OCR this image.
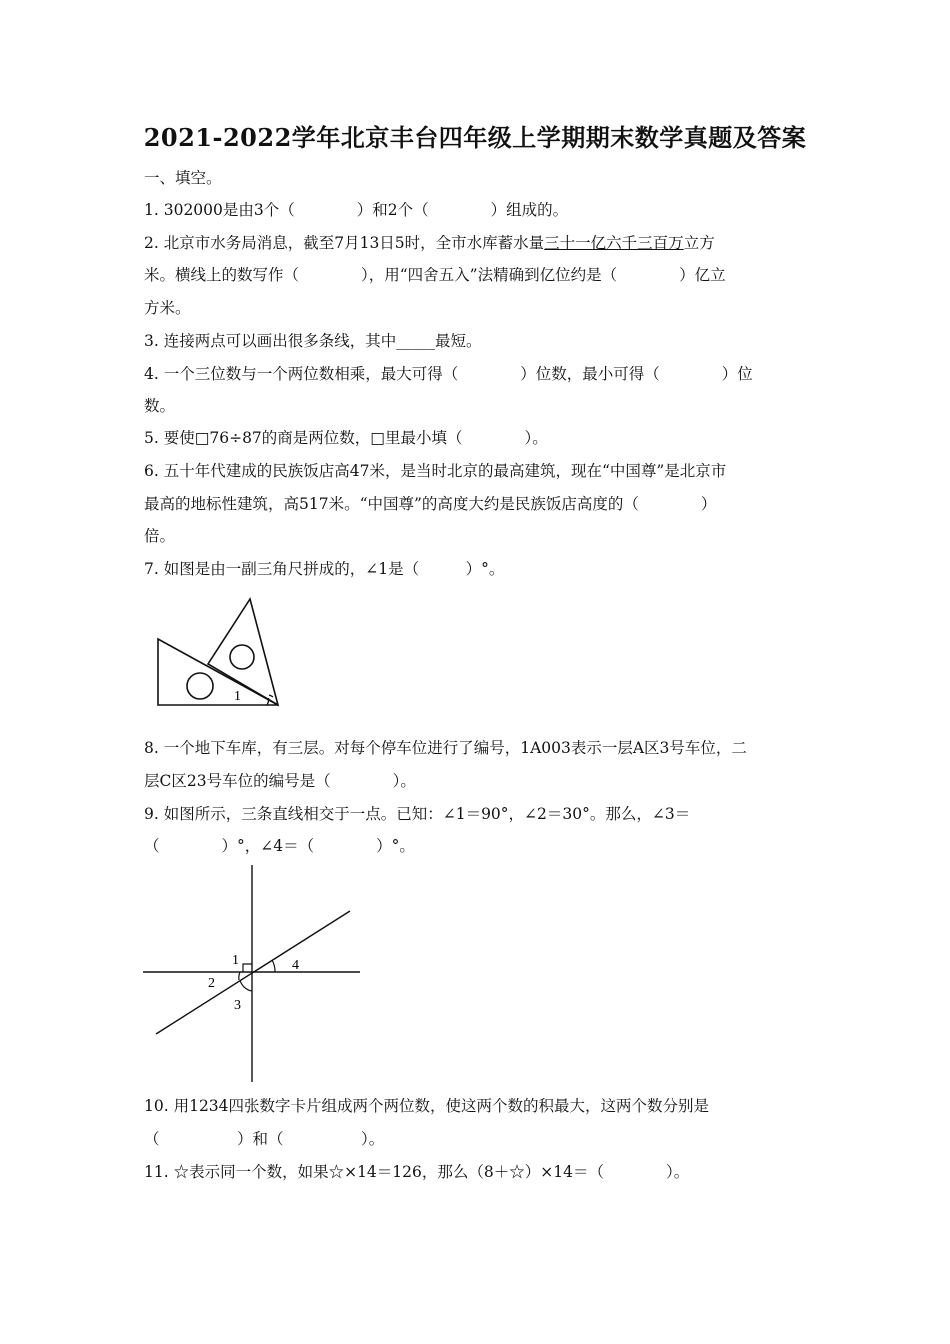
2021-2022学年北京丰台四年级上学期期末数学真题及答案
一、填空。
1. 302000是由3个（　　　　）和2个（　　　　）组成的。
2. 北京市水务局消息，截至7月13日5时，全市水库蓄水量三十一亿六千三百万立方
米。横线上的数写作（　　　　），用“四舍五入”法精确到亿位约是（　　　　）亿立
方米。
3. 连接两点可以画出很多条线，其中_____最短。
4. 一个三位数与一个两位数相乘，最大可得（　　　　）位数，最小可得（　　　　）位
数。
5. 要使□76÷87的商是两位数，□里最小填（　　　　）。
6. 五十年代建成的民族饭店高47米，是当时北京的最高建筑，现在“中国尊”是北京市
最高的地标性建筑，高517米。“中国尊”的高度大约是民族饭店高度的（　　　　）
倍。
7. 如图是由一副三角尺拼成的，∠1是（　　　）°。
1
8. 一个地下车库，有三层。对每个停车位进行了编号，1A003表示一层A区3号车位，二
层C区23号车位的编号是（　　　　）。
9. 如图所示，三条直线相交于一点。已知：∠1＝90°，∠2＝30°。那么，∠3＝
（　　　　）°，∠4＝（　　　　）°。
1
2
3
4
10. 用1234四张数字卡片组成两个两位数，使这两个数的积最大，这两个数分别是
（　　　　　）和（　　　　　）。
11. ☆表示同一个数，如果☆×14＝126，那么（8＋☆）×14＝（　　　　）。
